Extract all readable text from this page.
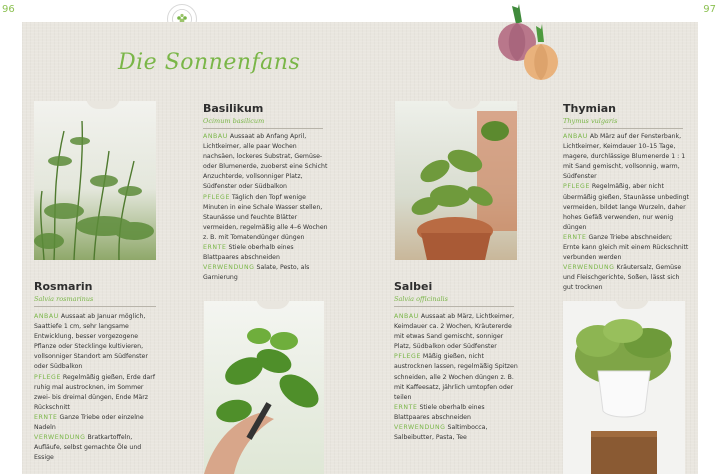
96	97
Die Sonnenfans
Basilikum
Ocimum basilicum

ANBAU Aussaat ab Anfang April, Lichtkeimer, alle paar Wochen nachsäen, lockeres Substrat, Gemüse- oder Blumenerde, zuoberst eine Schicht Anzuchterde, vollsonniger Platz, Südfenster oder Südbalkon

PFLEGE Täglich den Topf wenige Minuten in eine Schale Wasser stellen, Staunässe und feuchte Blätter vermeiden, regelmäßig alle 4–6 Wochen z. B. mit Tomatendünger düngen

ERNTE Stiele oberhalb eines Blattpaares abschneiden

VERWENDUNG Salate, Pesto, als Garnierung

Thymian
Thymus vulgaris

ANBAU Ab März auf der Fensterbank, Lichtkeimer, Keimdauer 10–15 Tage, magere, durchlässige Blumenerde 1 : 1 mit Sand gemischt, vollsonnig, warm, Südfenster

PFLEGE Regelmäßig, aber nicht übermäßig gießen, Staunässe unbedingt vermeiden, bildet lange Wurzeln, daher hohes Gefäß verwenden, nur wenig düngen

ERNTE Ganze Triebe abschneiden; Ernte kann gleich mit einem Rückschnitt verbunden werden

VERWENDUNG Kräutersalz, Gemüse und Fleischgerichte, Soßen, lässt sich gut trocknen

Rosmarin
Salvia rosmarinus

ANBAU Aussaat ab Januar möglich, Saattiefe 1 cm, sehr langsame Entwicklung, besser vorgezogene Pflanze oder Stecklinge kultivieren, vollsonniger Standort am Südfenster oder Südbalkon

PFLEGE Regelmäßig gießen, Erde darf ruhig mal austrocknen, im Sommer zwei- bis dreimal düngen, Ende März Rückschnitt

ERNTE Ganze Triebe oder einzelne Nadeln

VERWENDUNG Bratkartoffeln, Aufläufe, selbst gemachte Öle und Essige

Salbei
Salvia officinalis

ANBAU Aussaat ab März, Lichtkeimer, Keimdauer ca. 2 Wochen, Kräutererde mit etwas Sand gemischt, sonniger Platz, Südbalkon oder Südfenster

PFLEGE Mäßig gießen, nicht austrocknen lassen, regelmäßig Spitzen schneiden, alle 2 Wochen düngen z. B. mit Kaffeesatz, jährlich umtopfen oder teilen

ERNTE Stiele oberhalb eines Blattpaares abschneiden

VERWENDUNG Saltimbocca, Salbeibutter, Pasta, Tee
